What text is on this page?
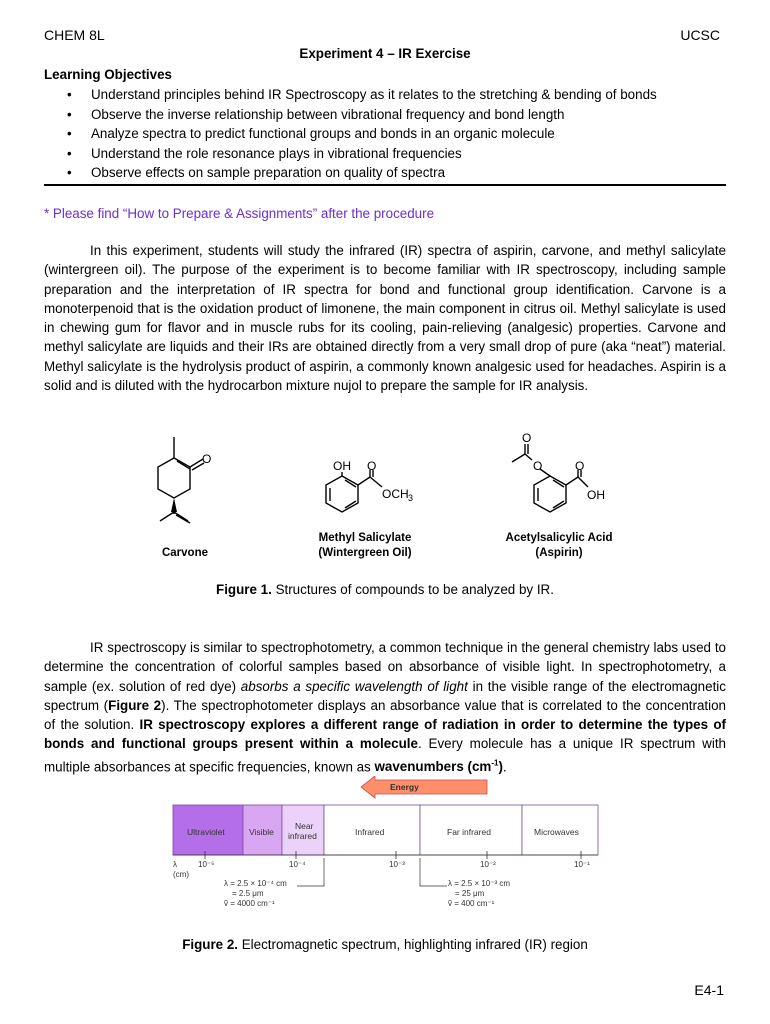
CHEM 8L	UCSC
Experiment 4 – IR Exercise
Learning Objectives
• Understand principles behind IR Spectroscopy as it relates to the stretching & bending of bonds
• Observe the inverse relationship between vibrational frequency and bond length
• Analyze spectra to predict functional groups and bonds in an organic molecule
• Understand the role resonance plays in vibrational frequencies
• Observe effects on sample preparation on quality of spectra
* Please find “How to Prepare & Assignments” after the procedure

In this experiment, students will study the infrared (IR) spectra of aspirin, carvone, and methyl salicylate (wintergreen oil). The purpose of the experiment is to become familiar with IR spectroscopy, including sample preparation and the interpretation of IR spectra for bond and functional group identification. Carvone is a monoterpenoid that is the oxidation product of limonene, the main component in citrus oil. Methyl salicylate is used in chewing gum for flavor and in muscle rubs for its cooling, pain-relieving (analgesic) properties. Carvone and methyl salicylate are liquids and their IRs are obtained directly from a very small drop of pure (aka “neat”) material. Methyl salicylate is the hydrolysis product of aspirin, a commonly known analgesic used for headaches. Aspirin is a solid and is diluted with the hydrocarbon mixture nujol to prepare the sample for IR analysis.

O	OH O
OCH 3
O
O	O
OH
Carvone
Methyl Salicylate
(Wintergreen Oil)
Acetylsalicylic Acid
(Aspirin)
Figure 1. Structures of compounds to be analyzed by IR.

IR spectroscopy is similar to spectrophotometry, a common technique in the general chemistry labs used to determine the concentration of colorful samples based on absorbance of visible light. In spectrophotometry, a sample (ex. solution of red dye) absorbs a specific wavelength of light in the visible range of the electromagnetic spectrum (Figure 2). The spectrophotometer displays an absorbance value that is correlated to the concentration of the solution. IR spectroscopy explores a different range of radiation in order to determine the types of bonds and functional groups present within a molecule. Every molecule has a unique IR spectrum with multiple absorbances at specific frequencies, known as wavenumbers $(cm^{-1})$.

Energy
Ultraviolet	Visible
Near
infrared	Infrared	Far infrared	Microwaves
λ
(cm)
10⁻⁵	10⁻⁴	10⁻³	10⁻²	10⁻¹
λ = 2.5 × 10⁻⁴ cm
= 2.5 μm
ṽ = 4000 cm⁻¹
λ = 2.5 × 10⁻³ cm
= 25 μm
ṽ = 400 cm⁻¹
Figure 2. Electromagnetic spectrum, highlighting infrared (IR) region
E4-1
